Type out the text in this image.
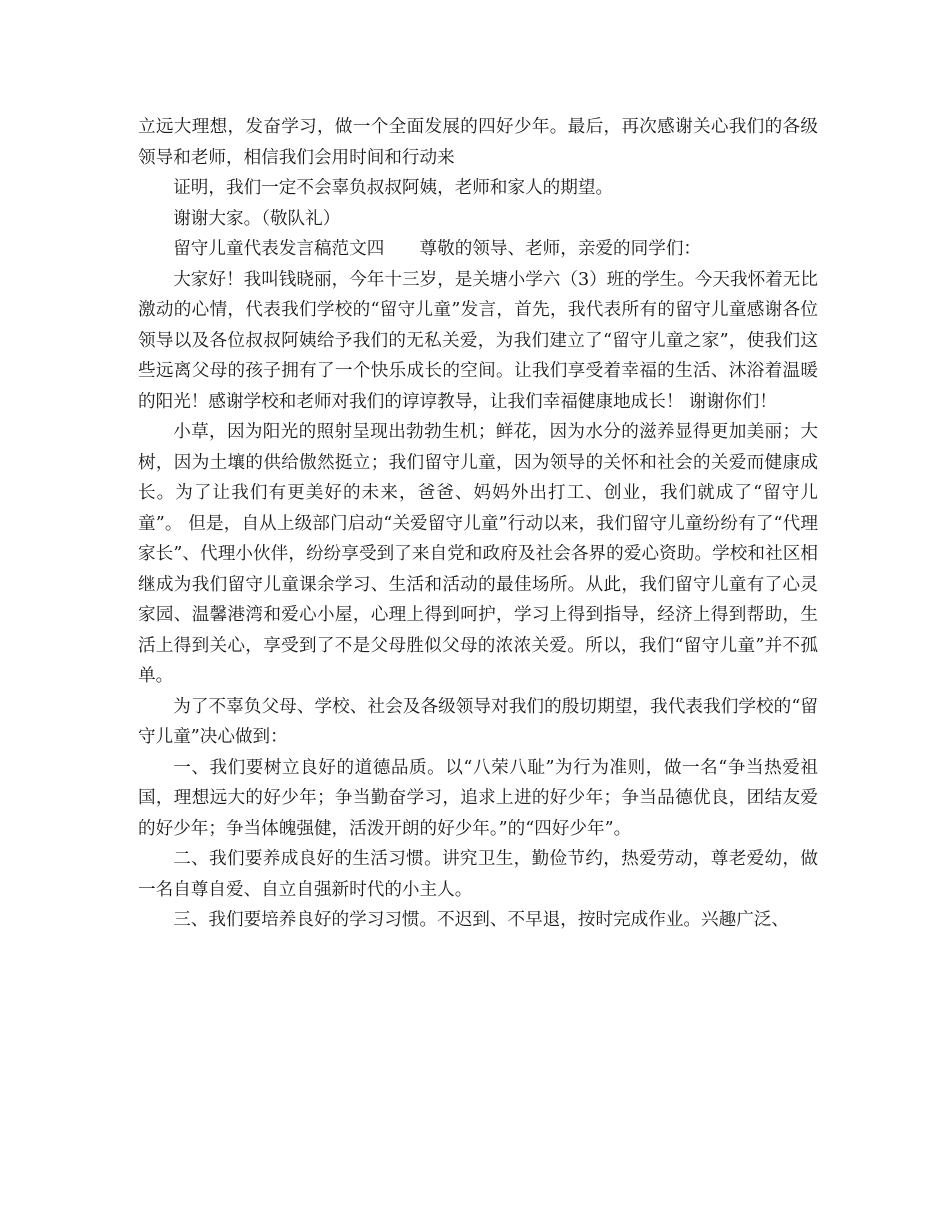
立远大理想，发奋学习，做一个全面发展的四好少年。最后，再次感谢关心我们的各级领导和老师，相信我们会用时间和行动来

证明，我们一定不会辜负叔叔阿姨，老师和家人的期望。

谢谢大家。（敬队礼）

留守儿童代表发言稿范文四　　尊敬的领导、老师，亲爱的同学们：

大家好！我叫钱晓丽，今年十三岁，是关塘小学六（3）班的学生。今天我怀着无比激动的心情，代表我们学校的“留守儿童”发言，首先，我代表所有的留守儿童感谢各位领导以及各位叔叔阿姨给予我们的无私关爱，为我们建立了“留守儿童之家”，使我们这些远离父母的孩子拥有了一个快乐成长的空间。让我们享受着幸福的生活、沐浴着温暖的阳光！感谢学校和老师对我们的谆谆教导，让我们幸福健康地成长！ 谢谢你们！

小草，因为阳光的照射呈现出勃勃生机；鲜花，因为水分的滋养显得更加美丽；大树，因为土壤的供给傲然挺立；我们留守儿童，因为领导的关怀和社会的关爱而健康成长。为了让我们有更美好的未来，爸爸、妈妈外出打工、创业，我们就成了“留守儿童”。 但是，自从上级部门启动“关爱留守儿童”行动以来，我们留守儿童纷纷有了“代理家长”、代理小伙伴，纷纷享受到了来自党和政府及社会各界的爱心资助。学校和社区相继成为我们留守儿童课余学习、生活和活动的最佳场所。从此，我们留守儿童有了心灵家园、温馨港湾和爱心小屋，心理上得到呵护，学习上得到指导，经济上得到帮助，生活上得到关心，享受到了不是父母胜似父母的浓浓关爱。所以，我们“留守儿童”并不孤单。

为了不辜负父母、学校、社会及各级领导对我们的殷切期望，我代表我们学校的“留守儿童”决心做到：

一、我们要树立良好的道德品质。以“八荣八耻”为行为准则，做一名“争当热爱祖国，理想远大的好少年；争当勤奋学习，追求上进的好少年；争当品德优良，团结友爱的好少年；争当体魄强健，活泼开朗的好少年。”的“四好少年”。

二、我们要养成良好的生活习惯。讲究卫生，勤俭节约，热爱劳动，尊老爱幼，做一名自尊自爱、自立自强新时代的小主人。

三、我们要培养良好的学习习惯。不迟到、不早退，按时完成作业。兴趣广泛、
